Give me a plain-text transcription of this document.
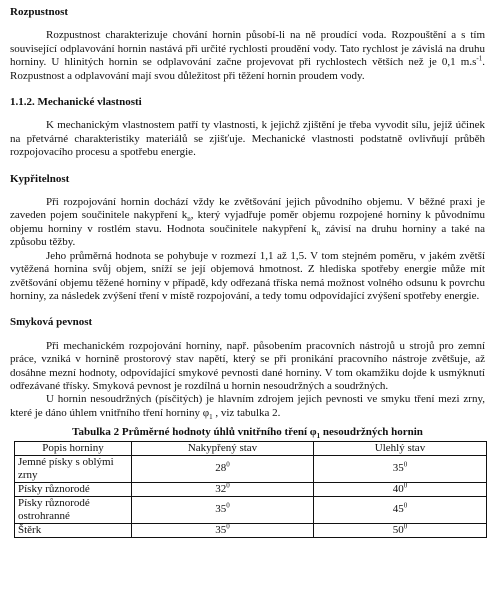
Rozpustnost

Rozpustnost charakterizuje chování hornin působí-li na ně proudící voda. Rozpouštění a s tím související odplavování hornin nastává při určité rychlosti proudění vody. Tato rychlost je závislá na druhu horniny. U hlinitých hornin se odplavování začne projevovat při rychlostech větších než je 0,1 $m.s^{-1}$. Rozpustnost a odplavování mají svou důležitost při těžení hornin proudem vody.

1.1.2. Mechanické vlastnosti

K mechanickým vlastnostem patří ty vlastnosti, k jejichž zjištění je třeba vyvodit sílu, jejíž účinek na přetvárné charakteristiky materiálů se zjišťuje. Mechanické vlastnosti podstatně ovlivňují průběh rozpojovacího procesu a spotřebu energie.

Kypřitelnost

Při rozpojování hornin dochází vždy ke zvětšování jejich původního objemu. V běžné praxi je zaveden pojem součinitele nakypření $k_n$, který vyjadřuje poměr objemu rozpojené horniny k původnímu objemu horniny v rostlém stavu. Hodnota součinitele nakypření $k_n$ závisí na druhu horniny a také na způsobu těžby.

Jeho průměrná hodnota se pohybuje v rozmezí 1,1 až 1,5. V tom stejném poměru, v jakém zvětší vytěžená hornina svůj objem, sníží se její objemová hmotnost. Z hlediska spotřeby energie může mít zvětšování objemu těžené horniny v případě, kdy odřezaná tříska nemá možnost volného odsunu k povrchu horniny, za následek zvýšení tření v místě rozpojování, a tedy tomu odpovídající zvýšení spotřeby energie.

Smyková pevnost

Při mechanickém rozpojování horniny, např. působením pracovních nástrojů u strojů pro zemní práce, vzniká v hornině prostorový stav napětí, který se při pronikání pracovního nástroje zvětšuje, až dosáhne mezní hodnoty, odpovídající smykové pevnosti dané horniny. V tom okamžiku dojde k usmýknutí odřezávané třísky. Smyková pevnost je rozdílná u hornin nesoudržných a soudržných.

U hornin nesoudržných (písčitých) je hlavním zdrojem jejich pevnosti ve smyku tření mezi zrny, které je dáno úhlem vnitřního tření horniny $\varphi_1$ , viz tabulka 2.

Tabulka 2 Průměrné hodnoty úhlů vnitřního tření $\varphi_1$ nesoudržných hornin
Popis horniny	Nakypřený stav	Ulehlý stav
Jemné písky s oblými zrny	$28^0$	$35^0$
Písky různorodé	$32^0$	$40^0$
Písky různorodé ostrohranné	$35^0$	$45^0$
Štěrk	$35^0$	$50^0$
